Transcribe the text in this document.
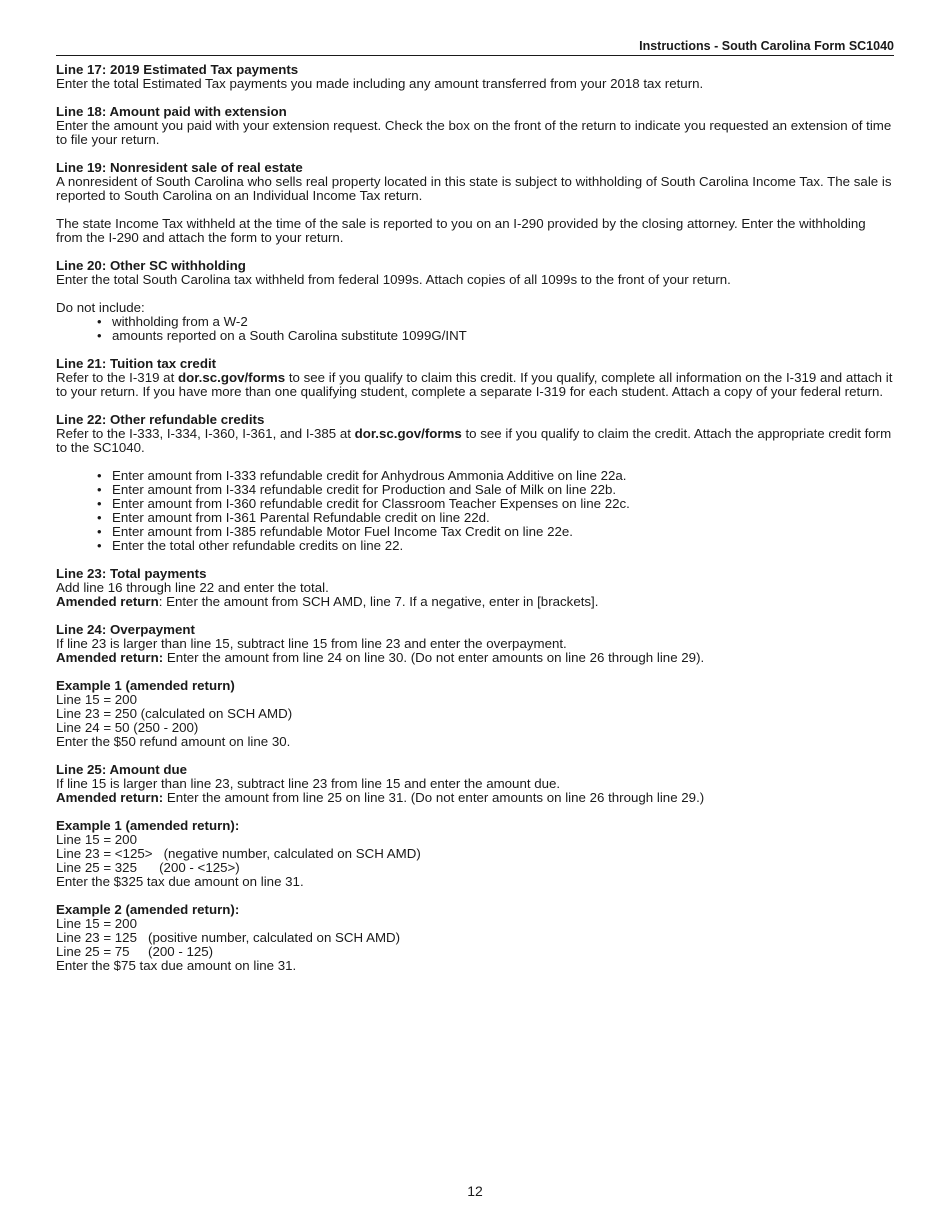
Instructions - South Carolina Form SC1040
Line 17: 2019 Estimated Tax payments

Enter the total Estimated Tax payments you made including any amount transferred from your 2018 tax return.

Line 18: Amount paid with extension

Enter the amount you paid with your extension request. Check the box on the front of the return to indicate you requested an extension of time to file your return.

Line 19: Nonresident sale of real estate

A nonresident of South Carolina who sells real property located in this state is subject to withholding of South Carolina Income Tax. The sale is reported to South Carolina on an Individual Income Tax return.

The state Income Tax withheld at the time of the sale is reported to you on an I-290 provided by the closing attorney. Enter the withholding from the I-290 and attach the form to your return.

Line 20: Other SC withholding

Enter the total South Carolina tax withheld from federal 1099s. Attach copies of all 1099s to the front of your return.

Do not include:

• withholding from a W-2
• amounts reported on a South Carolina substitute 1099G/INT
Line 21: Tuition tax credit

Refer to the I-319 at dor.sc.gov/forms to see if you qualify to claim this credit. If you qualify, complete all information on the I-319 and attach it to your return. If you have more than one qualifying student, complete a separate I-319 for each student. Attach a copy of your federal return.

Line 22: Other refundable credits

Refer to the I-333, I-334, I-360, I-361, and I-385 at dor.sc.gov/forms to see if you qualify to claim the credit. Attach the appropriate credit form to the SC1040.

• Enter amount from I-333 refundable credit for Anhydrous Ammonia Additive on line 22a.
• Enter amount from I-334 refundable credit for Production and Sale of Milk on line 22b.
• Enter amount from I-360 refundable credit for Classroom Teacher Expenses on line 22c.
• Enter amount from I-361 Parental Refundable credit on line 22d.
• Enter amount from I-385 refundable Motor Fuel Income Tax Credit on line 22e.
• Enter the total other refundable credits on line 22.
Line 23: Total payments

Add line 16 through line 22 and enter the total.

Amended return: Enter the amount from SCH AMD, line 7. If a negative, enter in [brackets].

Line 24: Overpayment

If line 23 is larger than line 15, subtract line 15 from line 23 and enter the overpayment.

Amended return: Enter the amount from line 24 on line 30. (Do not enter amounts on line 26 through line 29).

Example 1 (amended return)

Line 15 = 200

Line 23 = 250 (calculated on SCH AMD)

Line 24 = 50 (250 - 200)

Enter the $50 refund amount on line 30.

Line 25: Amount due

If line 15 is larger than line 23, subtract line 23 from line 15 and enter the amount due.

Amended return: Enter the amount from line 25 on line 31. (Do not enter amounts on line 26 through line 29.)

Example 1 (amended return):

Line 15 = 200

Line 23 = <125>   (negative number, calculated on SCH AMD)

Line 25 = 325      (200 - <125>)

Enter the $325 tax due amount on line 31.

Example 2 (amended return):

Line 15 = 200

Line 23 = 125   (positive number, calculated on SCH AMD)

Line 25 = 75     (200 - 125)

Enter the $75 tax due amount on line 31.

12
